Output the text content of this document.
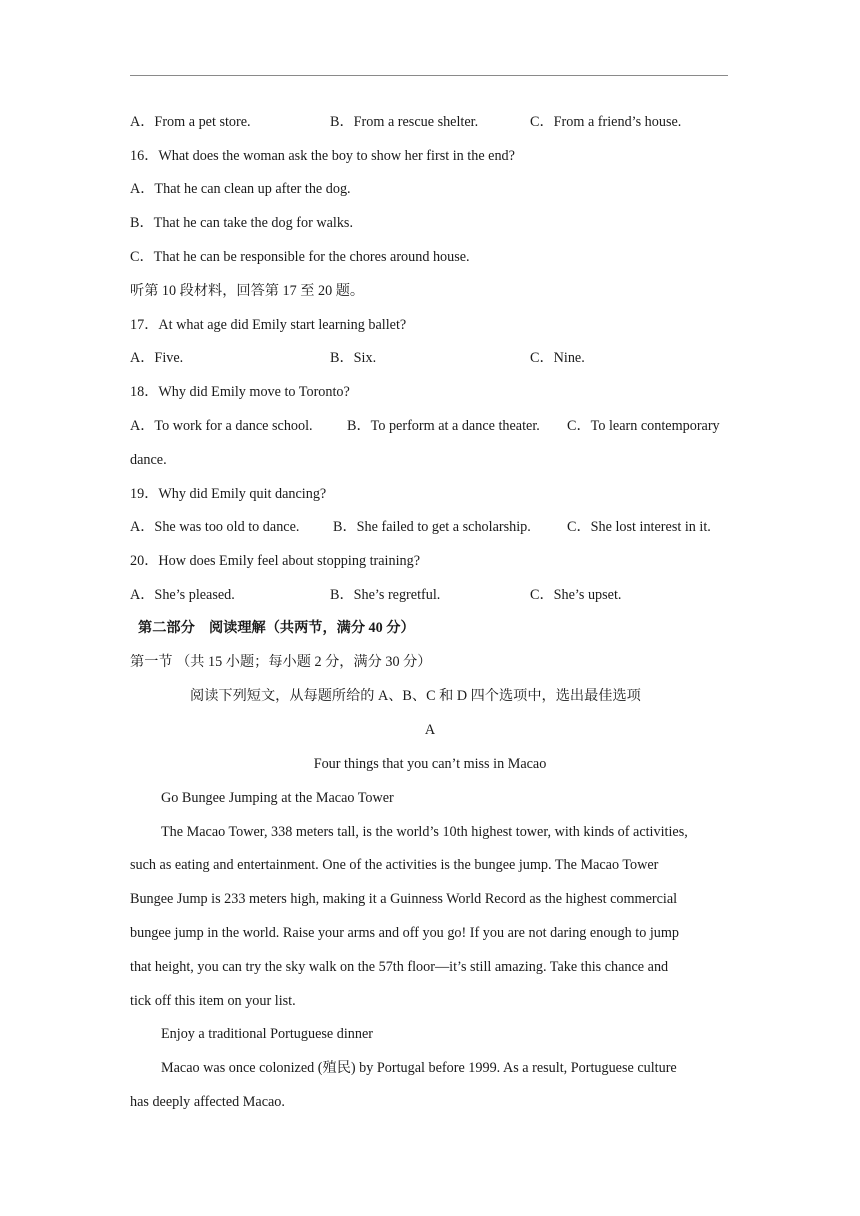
A．From a pet store.	B．From a rescue shelter.	C．From a friend’s house.
16．What does the woman ask the boy to show her first in the end?
A．That he can clean up after the dog.
B．That he can take the dog for walks.
C．That he can be responsible for the chores around house.
听第 10 段材料，回答第 17 至 20 题。
17．At what age did Emily start learning ballet?
A．Five.	B．Six.	C．Nine.
18．Why did Emily move to Toronto?
A．To work for a dance school. B．To perform at a dance theater. C．To learn contemporary
dance.
19．Why did Emily quit dancing?
A．She was too old to dance. B．She failed to get a scholarship.	C．She lost interest in it.
20．How does Emily feel about stopping training?
A．She’s pleased.	B．She’s regretful.	C．She’s upset.
第二部分　阅读理解（共两节，满分 40 分）
第一节 （共 15 小题；每小题 2 分，满分 30 分）
阅读下列短文，从每题所给的 A、B、C 和 D 四个选项中，选出最佳选项
A
Four things that you can’t miss in Macao
Go Bungee Jumping at the Macao Tower
The Macao Tower, 338 meters tall, is the world’s 10th highest tower, with kinds of activities,
such as eating and entertainment. One of the activities is the bungee jump. The Macao Tower
Bungee Jump is 233 meters high, making it a Guinness World Record as the highest commercial
bungee jump in the world. Raise your arms and off you go! If you are not daring enough to jump
that height, you can try the sky walk on the 57th floor—it’s still amazing. Take this chance and
tick off this item on your list.
Enjoy a traditional Portuguese dinner
Macao was once colonized (殖民) by Portugal before 1999. As a result, Portuguese culture
has deeply affected Macao.
